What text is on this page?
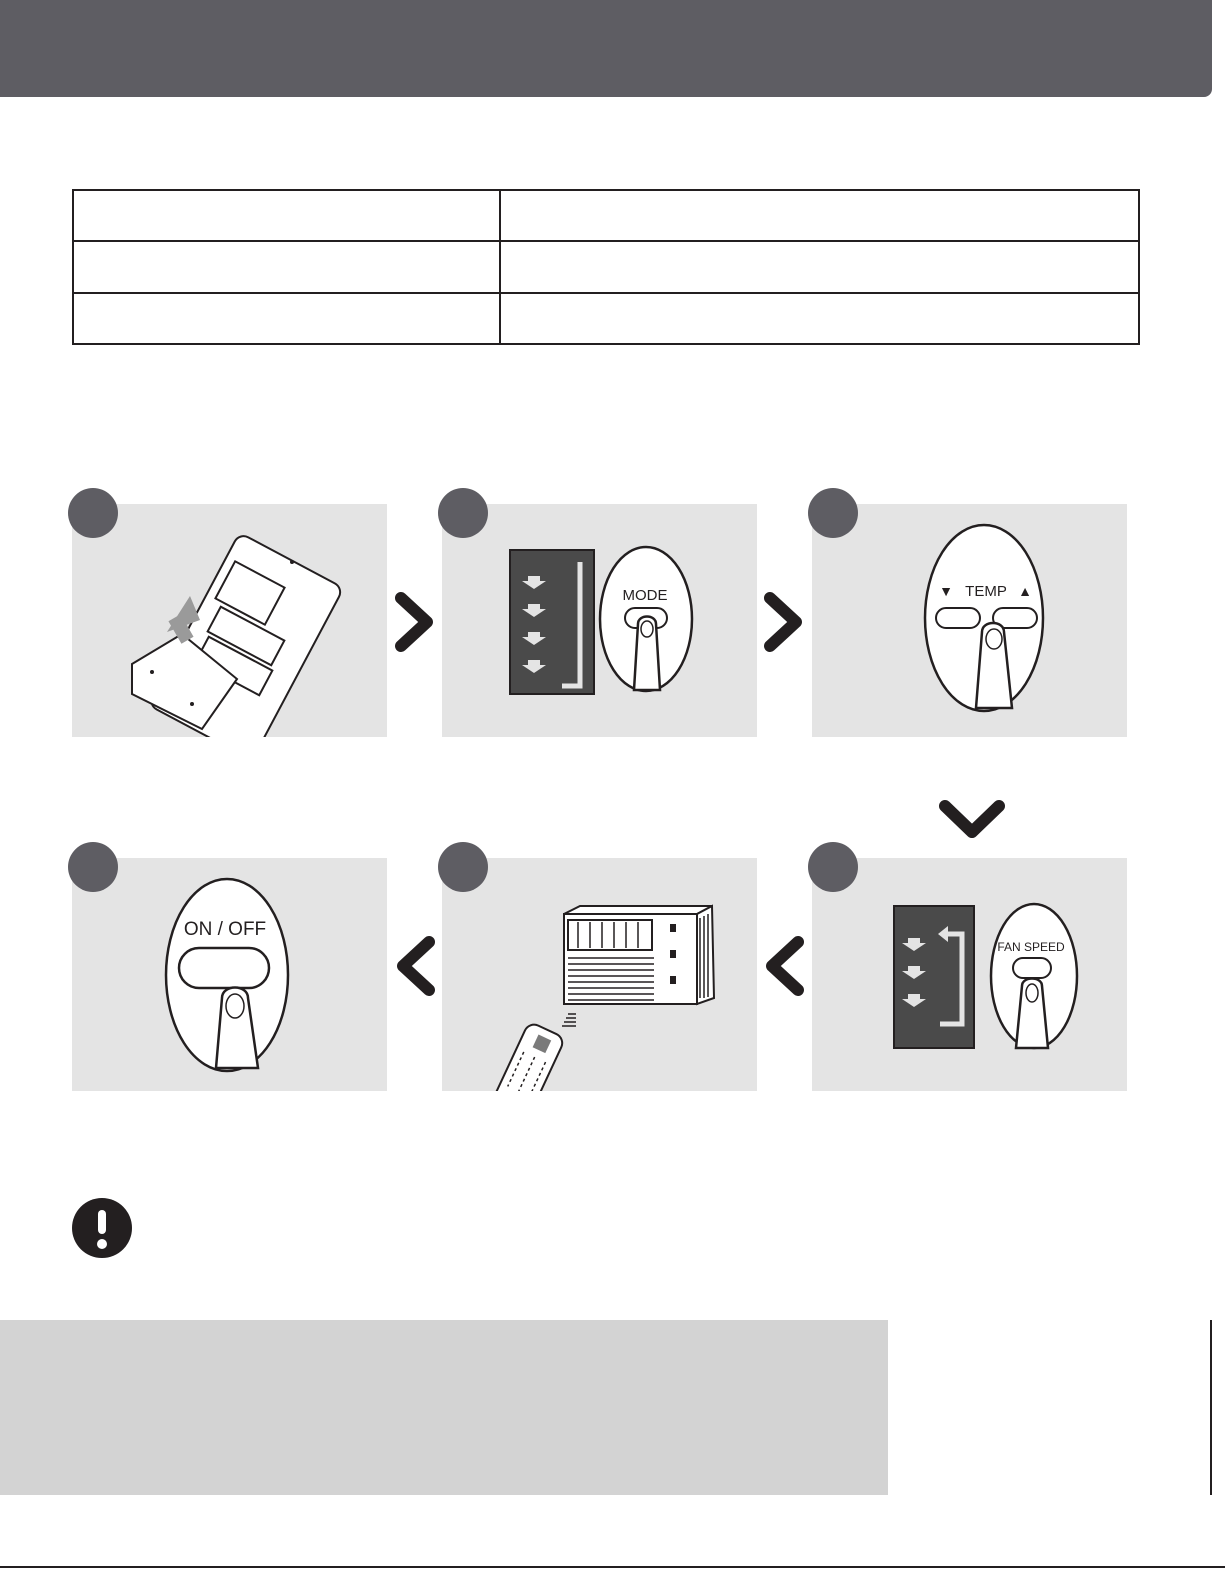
MODE	▼ TEMP ▲
ON / OFF
FAN SPEED
